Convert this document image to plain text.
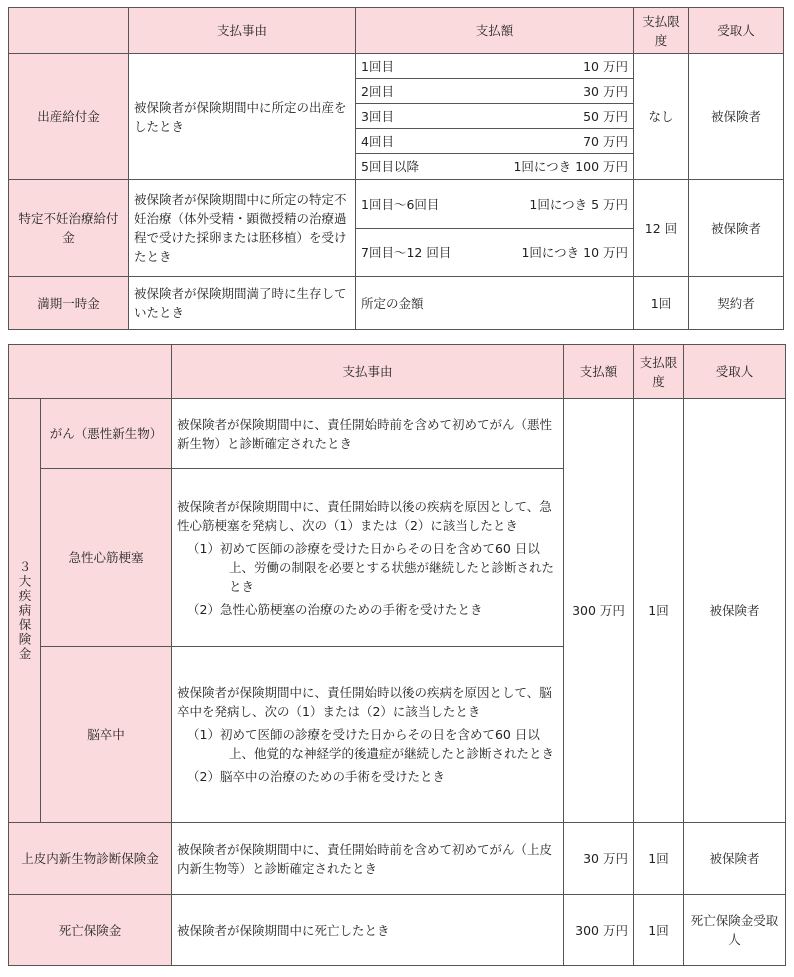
	支払事由	支払額	支払限度	受取人
出産給付金	被保険者が保険期間中に所定の出産をしたとき	1回目 10 万円	なし	被保険者

		2回目 30 万円		

		3回目 50 万円		

		4回目 70 万円		

		5回目以降 1回につき 100 万円		

特定不妊治療給付金	被保険者が保険期間中に所定の特定不妊治療（体外受精・顕微授精の治療過程で受けた採卵または胚移植）を受けたとき	1回目～6回目 1回につき 5 万円	12 回	被保険者

		7回目～12 回目 1回につき 10 万円		

満期一時金	被保険者が保険期間満了時に生存していたとき	所定の金額	1回	契約者
		支払事由	支払額	支払限度	受取人

３大疾病保険金	がん（悪性新生物）	被保険者が保険期間中に、責任開始時前を含めて初めてがん（悪性新生物）と診断確定されたとき	300 万円	1回	被保険者
	急性心筋梗塞	被保険者が保険期間中に、責任開始時以後の疾病を原因として、急性心筋梗塞を発病し、次の（1）または（2）に該当したとき
（1）初めて医師の診療を受けた日からその日を含めて60 日以上、労働の制限を必要とする状態が継続したと診断されたとき
（2）急性心筋梗塞の治療のための手術を受けたとき			

	脳卒中	被保険者が保険期間中に、責任開始時以後の疾病を原因として、脳卒中を発病し、次の（1）または（2）に該当したとき
（1）初めて医師の診療を受けた日からその日を含めて60 日以上、他覚的な神経学的後遺症が継続したと診断されたとき
（2）脳卒中の治療のための手術を受けたとき			

上皮内新生物診断保険金		被保険者が保険期間中に、責任開始時前を含めて初めてがん（上皮内新生物等）と診断確定されたとき	30 万円	1回	被保険者
死亡保険金		被保険者が保険期間中に死亡したとき	300 万円	1回	死亡保険金受取人
